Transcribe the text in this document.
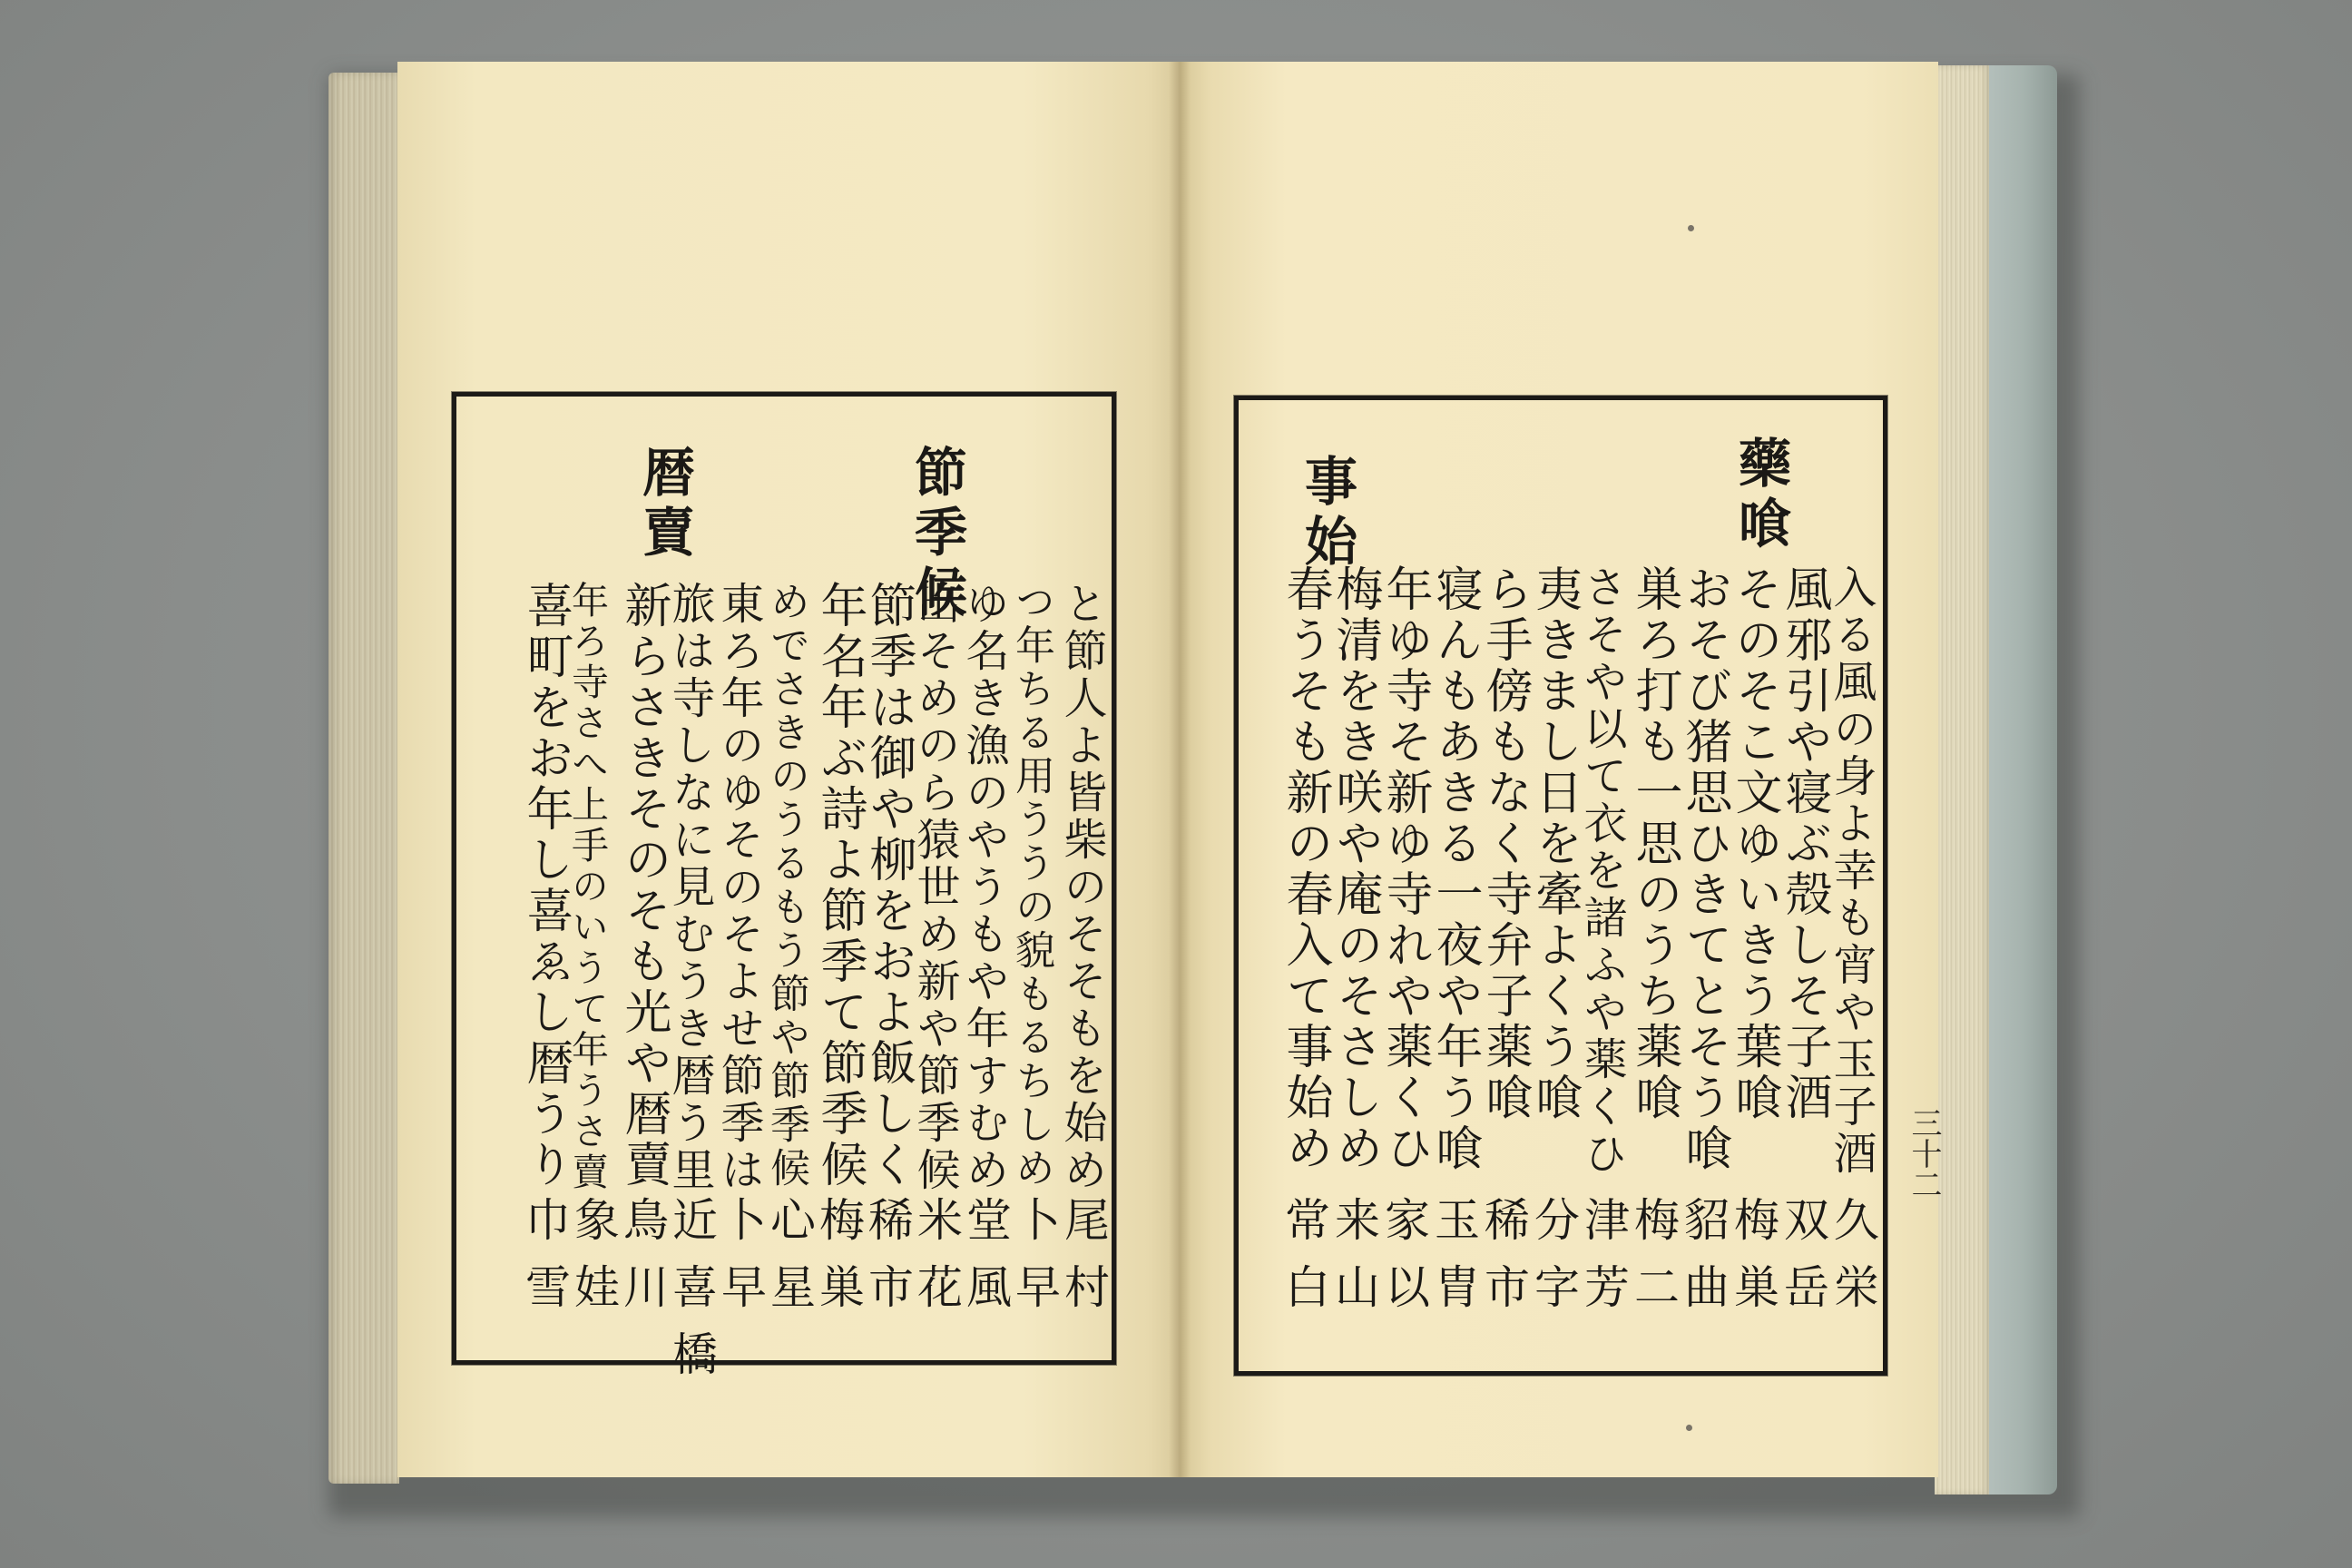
節季候
暦賣
と節人よ皆柴のそそもを始め
つ年ちる用ううの貌もるちしめ
ゆ名き漁のやうもや年すむめ
出そめのら猿世め新や節季候
節季は御や柳をおよ飯しく
年名年ぶ詩よ節季て節季候
めでさきのうるもう節や節季候
東ろ年のゆそのそよせ節季は
旅は寺しなに見むうき暦う里
新らさきそのそも光や暦賣
年ろ寺さへ上手のいうて年うさ賣
喜町をお年し喜ゑし暦うり
尾村
卜早
堂風
米花
稀市
梅巣
心星
卜早
近喜橋
鳥川
象娃
巾雪
藥喰
事始
入る風の身よ幸も宵や玉子酒
風邪引や寝ぶ殻しそ子酒
そのそこ文ゆいきう葉喰
おそび猪思ひきてとそう喰
巣ろ打も一思のうち薬喰
さそや以て衣を諸ふや薬くひ
夷きまし日を牽よくう喰
ら手傍もなく寺弁子薬喰
寝んもあきる一夜や年う喰
年ゆ寺そ新ゆ寺れや薬くひ
梅清をき咲や庵のそさしめ
春うそも新の春入て事始め
久栄
双岳
梅巣
貂曲
梅二
津芳
分字
稀市
玉胄
家以
来山
常白
三十二
